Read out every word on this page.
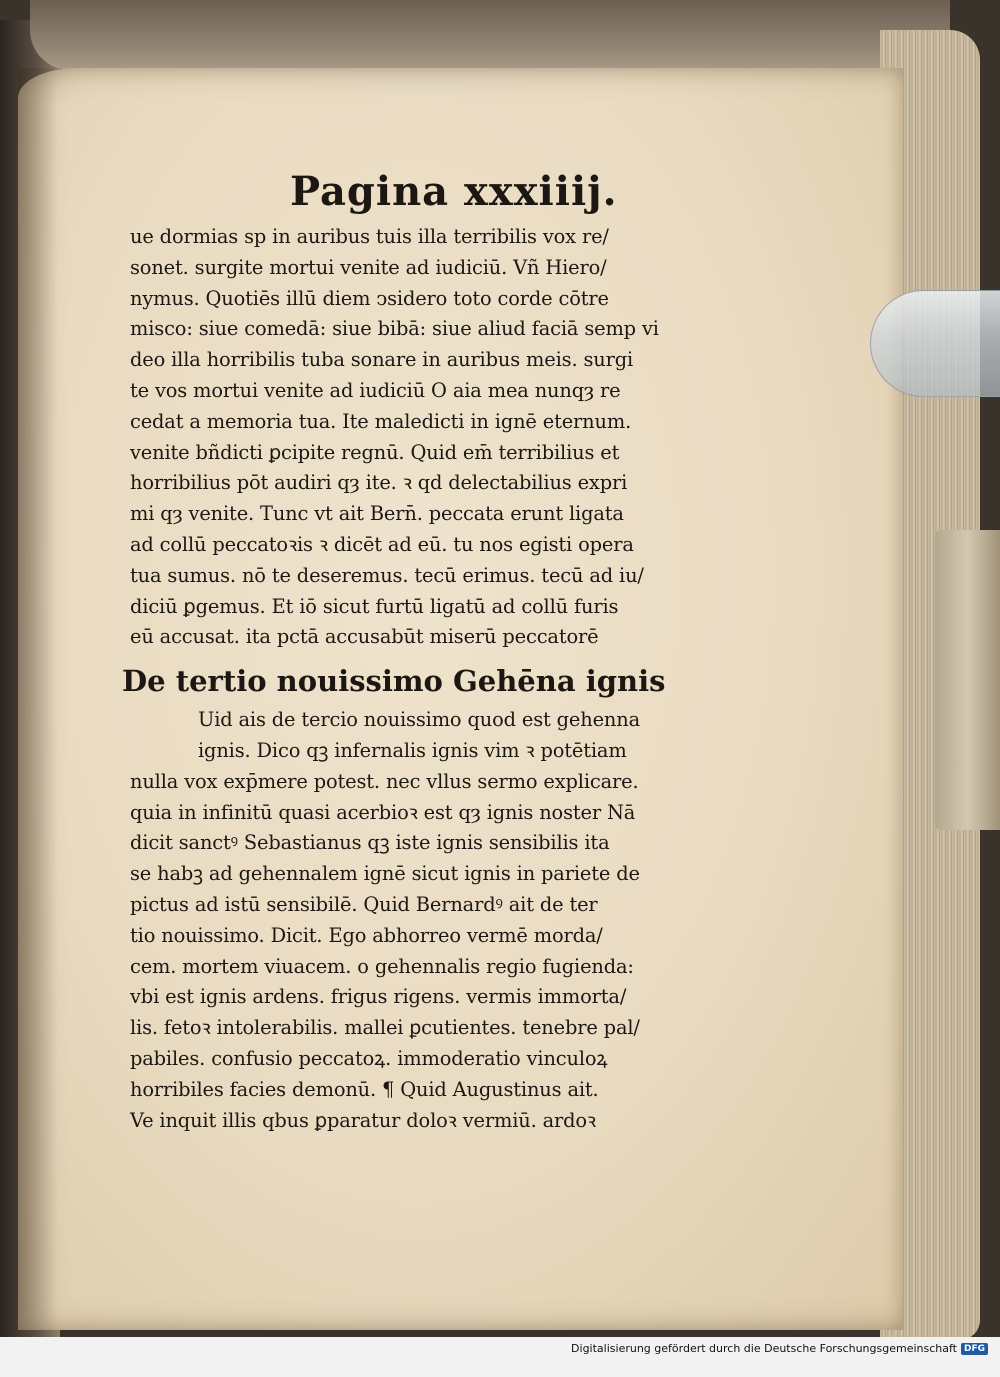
Pagina xxxiiij.
ue dormias sp in auribus tuis illa terribilis vox re/
sonet. surgite mortui venite ad iudiciū. Vñ Hiero/
nymus. Quotiēs illū diem ↄsidero toto corde cōtre
misco: siue comedā: siue bibā: siue aliud faciā semp vi
deo illa horribilis tuba sonare in auribus meis. surgi
te vos mortui venite ad iudiciū O aia mea nunqȝ re
cedat a memoria tua. Ite maledicti in ignē eternum.
venite bñdicti ꝑcipite regnū. Quid em̄ terribilius et
horribilius pōt audiri qȝ ite. ꝛ qd delectabilius expri
mi qȝ venite. Tunc vt ait Bern̄. peccata erunt ligata
ad collū peccatoꝛis ꝛ dicēt ad eū. tu nos egisti opera
tua sumus. nō te deseremus. tecū erimus. tecū ad iu/
diciū ꝑgemus. Et iō sicut furtū ligatū ad collū furis
eū accusat. ita pctā accusabūt miserū peccatorē
De tertio nouissimo Gehēna ignis
Uid ais de tercio nouissimo quod est gehenna
ignis. Dico qꝫ infernalis ignis vim ꝛ potētiam
nulla vox exp̄mere potest. nec vllus sermo explicare.
quia in infinitū quasi acerbioꝛ est qȝ ignis noster Nā
dicit sanctꝰ Sebastianus qꝫ iste ignis sensibilis ita
se habꝫ ad gehennalem ignē sicut ignis in pariete de
pictus ad istū sensibilē. Quid Bernardꝰ ait de ter
tio nouissimo. Dicit. Ego abhorreo vermē morda/
cem. mortem viuacem. o gehennalis regio fugienda:
vbi est ignis ardens. frigus rigens. vermis immorta/
lis. fetoꝛ intolerabilis. mallei ꝑcutientes. tenebre pal/
pabiles. confusio peccatoꝝ. immoderatio vinculoꝝ
horribiles facies demonū. ¶ Quid Augustinus ait.
Ve inquit illis qbus ꝑparatur doloꝛ vermiū. ardoꝛ
Digitalisierung gefördert durch die Deutsche Forschungsgemeinschaft DFG
